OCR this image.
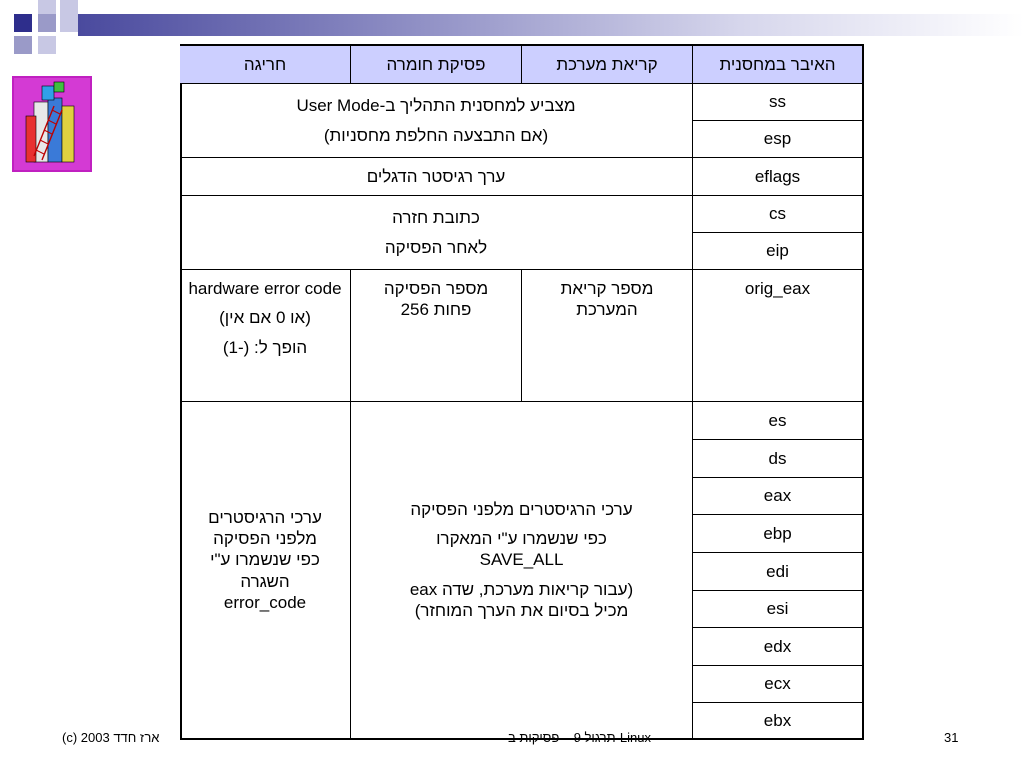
האיבר במחסנית
קריאת מערכת
פסיקת חומרה
חריגה
ss
esp
מצביע למחסנית התהליך ב-User Mode
(אם התבצעה החלפת מחסניות)
eflags
ערך רגיסטר הדגלים
cs
eip
כתובת חזרה
לאחר הפסיקה
orig_eax
מספר קריאת
המערכת
מספר הפסיקה
פחות 256
hardware error code
(או 0 אם אין)
הופך ל: (-1)
es
ds
eax
ebp
edi
esi
edx
ecx
ebx
ערכי הרגיסטרים מלפני הפסיקה
כפי שנשמרו ע"י המאקרו
SAVE_ALL
(עבור קריאות מערכת, שדה eax
מכיל בסיום את הערך המוחזר)
ערכי הרגיסטרים
מלפני הפסיקה
כפי שנשמרו ע"י
השגרה
error_code
(c) ארז חדד 2003	תרגול 9 – פסיקות ב-Linux	31
